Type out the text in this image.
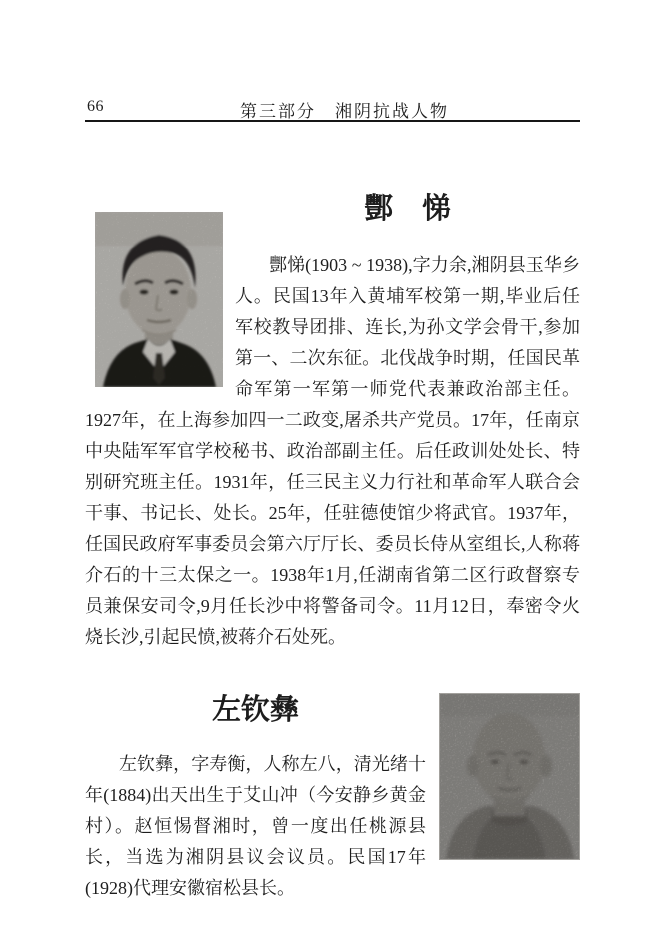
66	第三部分　湘阴抗战人物
酆　悌

酆悌(1903 ~ 1938),字力余,湘阴县玉华乡人。民国13年入黄埔军校第一期,毕业后任军校教导团排、连长,为孙文学会骨干,参加第一、二次东征。北伐战争时期，任国民革命军第一军第一师党代表兼政治部主任。1927年，在上海参加四一二政变,屠杀共产党员。17年，任南京中央陆军军官学校秘书、政治部副主任。后任政训处处长、特别研究班主任。1931年，任三民主义力行社和革命军人联合会干事、书记长、处长。25年，任驻德使馆少将武官。1937年，任国民政府军事委员会第六厅厅长、委员长侍从室组长,人称蒋介石的十三太保之一。1938年1月,任湖南省第二区行政督察专员兼保安司令,9月任长沙中将警备司令。11月12日，奉密令火烧长沙,引起民愤,被蒋介石处死。

左钦彝

左钦彝，字寿衡，人称左八，清光绪十年(1884)出天出生于艾山冲（今安静乡黄金村）。赵恒惕督湘时，曾一度出任桃源县长，当选为湘阴县议会议员。民国17年(1928)代理安徽宿松县长。
